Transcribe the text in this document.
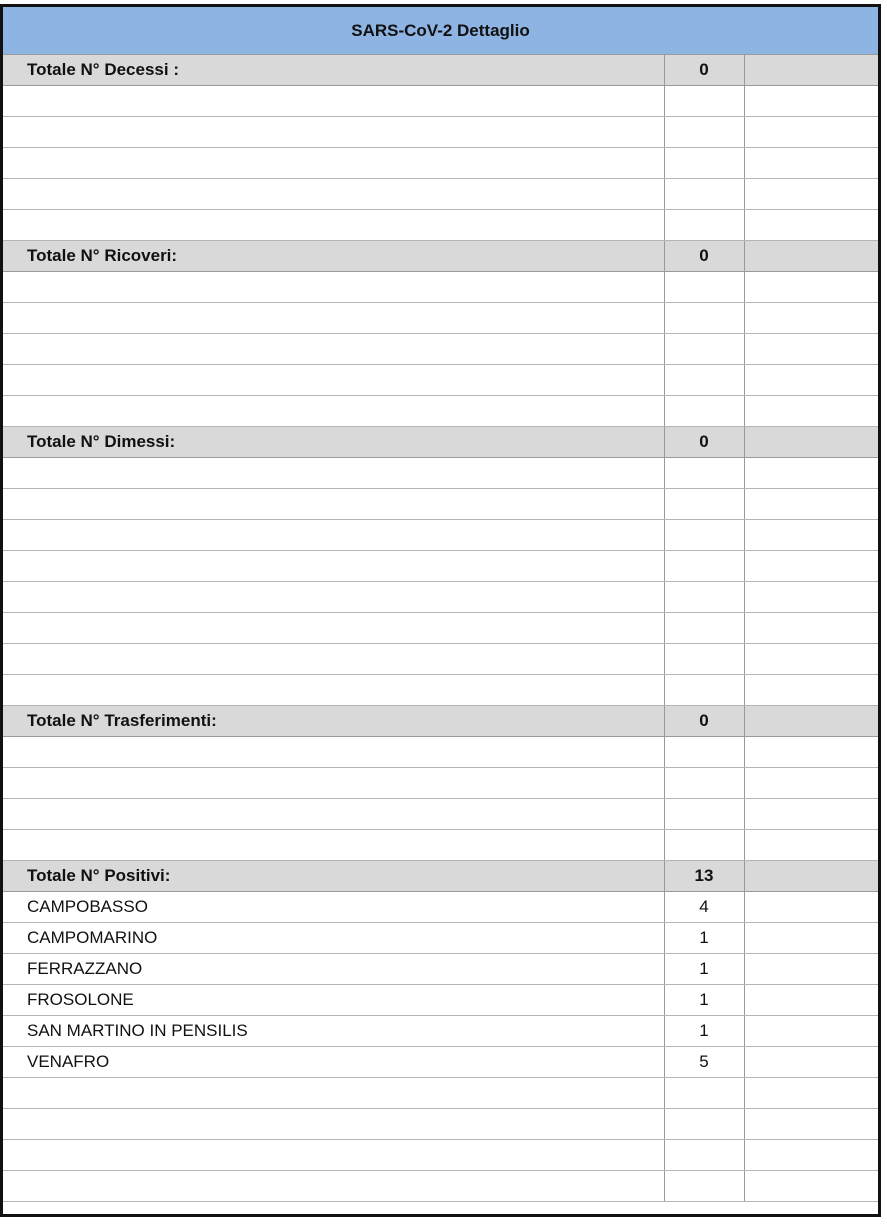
SARS-CoV-2 Dettaglio
Totale N° Decessi :	0	

Totale N° Ricoveri:	0	

Totale N° Dimessi:	0	

Totale N° Trasferimenti:	0	

Totale N° Positivi:	13	
CAMPOBASSO	4	
CAMPOMARINO	1	
FERRAZZANO	1	
FROSOLONE	1	
SAN MARTINO IN PENSILIS	1	
VENAFRO	5	
